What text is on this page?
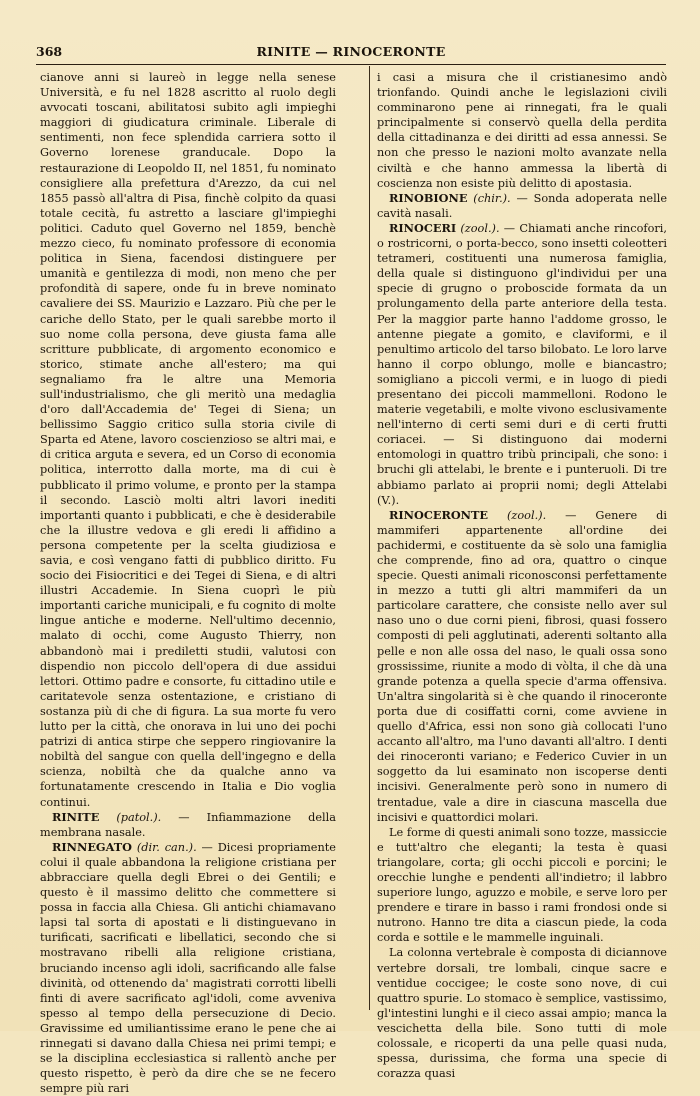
368	RINITE — RINOCERONTE

cianove anni si laureò in legge nella senese Università, e fu nel 1828 ascritto al ruolo degli avvocati toscani, abilitatosi subito agli impieghi maggiori di giudicatura criminale. Liberale di sentimenti, non fece splendida carriera sotto il Governo lorenese granducale. Dopo la restaurazione di Leopoldo II, nel 1851, fu nominato consigliere alla prefettura d'Arezzo, da cui nel 1855 passò all'altra di Pisa, finchè colpito da quasi totale cecità, fu astretto a lasciare gl'impieghi politici. Caduto quel Governo nel 1859, benchè mezzo cieco, fu nominato professore di economia politica in Siena, facendosi distinguere per umanità e gentilezza di modi, non meno che per profondità di sapere, onde fu in breve nominato cavaliere dei SS. Maurizio e Lazzaro. Più che per le cariche dello Stato, per le quali sarebbe morto il suo nome colla persona, deve giusta fama alle scritture pubblicate, di argomento economico e storico, stimate anche all'estero; ma qui segnaliamo fra le altre una Memoria sull'industrialismo, che gli meritò una medaglia d'oro dall'Accademia de' Tegei di Siena; un bellissimo Saggio critico sulla storia civile di Sparta ed Atene, lavoro coscienzioso se altri mai, e di critica arguta e severa, ed un Corso di economia politica, interrotto dalla morte, ma di cui è pubblicato il primo volume, e pronto per la stampa il secondo. Lasciò molti altri lavori inediti importanti quanto i pubblicati, e che è desiderabile che la illustre vedova e gli eredi li affidino a persona competente per la scelta giudiziosa e savia, e così vengano fatti di pubblico diritto. Fu socio dei Fisiocritici e dei Tegei di Siena, e di altri illustri Accademie. In Siena cuoprì le più importanti cariche municipali, e fu cognito di molte lingue antiche e moderne. Nell'ultimo decennio, malato di occhi, come Augusto Thierry, non abbandonò mai i prediletti studii, valutosi con dispendio non piccolo dell'opera di due assidui lettori. Ottimo padre e consorte, fu cittadino utile e caritatevole senza ostentazione, e cristiano di sostanza più di che di figura. La sua morte fu vero lutto per la città, che onorava in lui uno dei pochi patrizi di antica stirpe che seppero ringiovanire la nobiltà del sangue con quella dell'ingegno e della scienza, nobiltà che da qualche anno va fortunatamente crescendo in Italia e Dio voglia continui.

RINITE (patol.). — Infiammazione della membrana nasale.

RINNEGATO (dir. can.). — Dicesi propriamente colui il quale abbandona la religione cristiana per abbracciare quella degli Ebrei o dei Gentili; e questo è il massimo delitto che commettere si possa in faccia alla Chiesa. Gli antichi chiamavano lapsi tal sorta di apostati e li distinguevano in turificati, sacrificati e libellatici, secondo che si mostravano ribelli alla religione cristiana, bruciando incenso agli idoli, sacrificando alle false divinità, od ottenendo da' magistrati corrotti libelli finti di avere sacrificato agl'idoli, come avveniva spesso al tempo della persecuzione di Decio. Gravissime ed umiliantissime erano le pene che ai rinnegati si davano dalla Chiesa nei primi tempi; e se la disciplina ecclesiastica si rallentò anche per questo rispetto, è però da dire che se ne fecero sempre più rari

i casi a misura che il cristianesimo andò trionfando. Quindi anche le legislazioni civili comminarono pene ai rinnegati, fra le quali principalmente si conservò quella della perdita della cittadinanza e dei diritti ad essa annessi. Se non che presso le nazioni molto avanzate nella civiltà e che hanno ammessa la libertà di coscienza non esiste più delitto di apostasia.

RINOBIONE (chir.). — Sonda adoperata nelle cavità nasali.

RINOCERI (zool.). — Chiamati anche rincofori, o rostricorni, o porta-becco, sono insetti coleotteri tetrameri, costituenti una numerosa famiglia, della quale si distinguono gl'individui per una specie di grugno o proboscide formata da un prolungamento della parte anteriore della testa. Per la maggior parte hanno l'addome grosso, le antenne piegate a gomito, e claviformi, e il penultimo articolo del tarso bilobato. Le loro larve hanno il corpo oblungo, molle e biancastro; somigliano a piccoli vermi, e in luogo di piedi presentano dei piccoli mammelloni. Rodono le materie vegetabili, e molte vivono esclusivamente nell'interno di certi semi duri e di certi frutti coriacei. — Si distinguono dai moderni entomologi in quattro tribù principali, che sono: i bruchi gli attelabi, le brente e i punteruoli. Di tre abbiamo parlato ai proprii nomi; degli Attelabi (V.).

RINOCERONTE (zool.). — Genere di mammiferi appartenente all'ordine dei pachidermi, e costituente da sè solo una famiglia che comprende, fino ad ora, quattro o cinque specie. Questi animali riconosconsi perfettamente in mezzo a tutti gli altri mammiferi da un particolare carattere, che consiste nello aver sul naso uno o due corni pieni, fibrosi, quasi fossero composti di peli agglutinati, aderenti soltanto alla pelle e non alle ossa del naso, le quali ossa sono grossissime, riunite a modo di vòlta, il che dà una grande potenza a quella specie d'arma offensiva. Un'altra singolarità si è che quando il rinoceronte porta due di cosiffatti corni, come avviene in quello d'Africa, essi non sono già collocati l'uno accanto all'altro, ma l'uno davanti all'altro. I denti dei rinoceronti variano; e Federico Cuvier in un soggetto da lui esaminato non iscoperse denti incisivi. Generalmente però sono in numero di trentadue, vale a dire in ciascuna mascella due incisivi e quattordici molari.

Le forme di questi animali sono tozze, massiccie e tutt'altro che eleganti; la testa è quasi triangolare, corta; gli occhi piccoli e porcini; le orecchie lunghe e pendenti all'indietro; il labbro superiore lungo, aguzzo e mobile, e serve loro per prendere e tirare in basso i rami frondosi onde si nutrono. Hanno tre dita a ciascun piede, la coda corda e sottile e le mammelle inguinali.

La colonna vertebrale è composta di diciannove vertebre dorsali, tre lombali, cinque sacre e ventidue coccigee; le coste sono nove, di cui quattro spurie. Lo stomaco è semplice, vastissimo, gl'intestini lunghi e il cieco assai ampio; manca la vescichetta della bile. Sono tutti di mole colossale, e ricoperti da una pelle quasi nuda, spessa, durissima, che forma una specie di corazza quasi
